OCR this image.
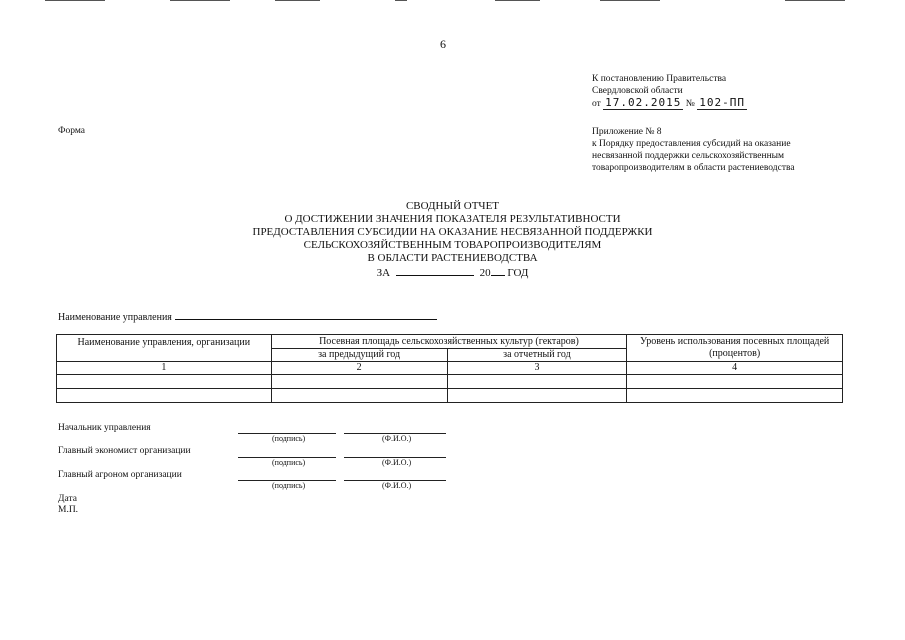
6
К постановлению Правительства
Свердловской области
от 17.02.2015 № 102-ПП
Форма	Приложение № 8
к Порядку предоставления субсидий на оказание
несвязанной поддержки сельскохозяйственным
товаропроизводителям в области растениеводства
СВОДНЫЙ ОТЧЕТ
О ДОСТИЖЕНИИ ЗНАЧЕНИЯ ПОКАЗАТЕЛЯ РЕЗУЛЬТАТИВНОСТИ
ПРЕДОСТАВЛЕНИЯ СУБСИДИИ НА ОКАЗАНИЕ НЕСВЯЗАННОЙ ПОДДЕРЖКИ
СЕЛЬСКОХОЗЯЙСТВЕННЫМ ТОВАРОПРОИЗВОДИТЕЛЯМ
В ОБЛАСТИ РАСТЕНИЕВОДСТВА
ЗА	20 ГОД
Наименование управления
Наименование управления, организации	Посевная площадь сельскохозяйственных культур (гектаров)		Уровень использования посевных площадей (процентов)
	за предыдущий год	за отчетный год	
1	2	3	4

Начальник управления
(подпись)	(Ф.И.О.)
Главный экономист организации
(подпись)	(Ф.И.О.)
Главный агроном организации
(подпись)	(Ф.И.О.)
Дата
М.П.
